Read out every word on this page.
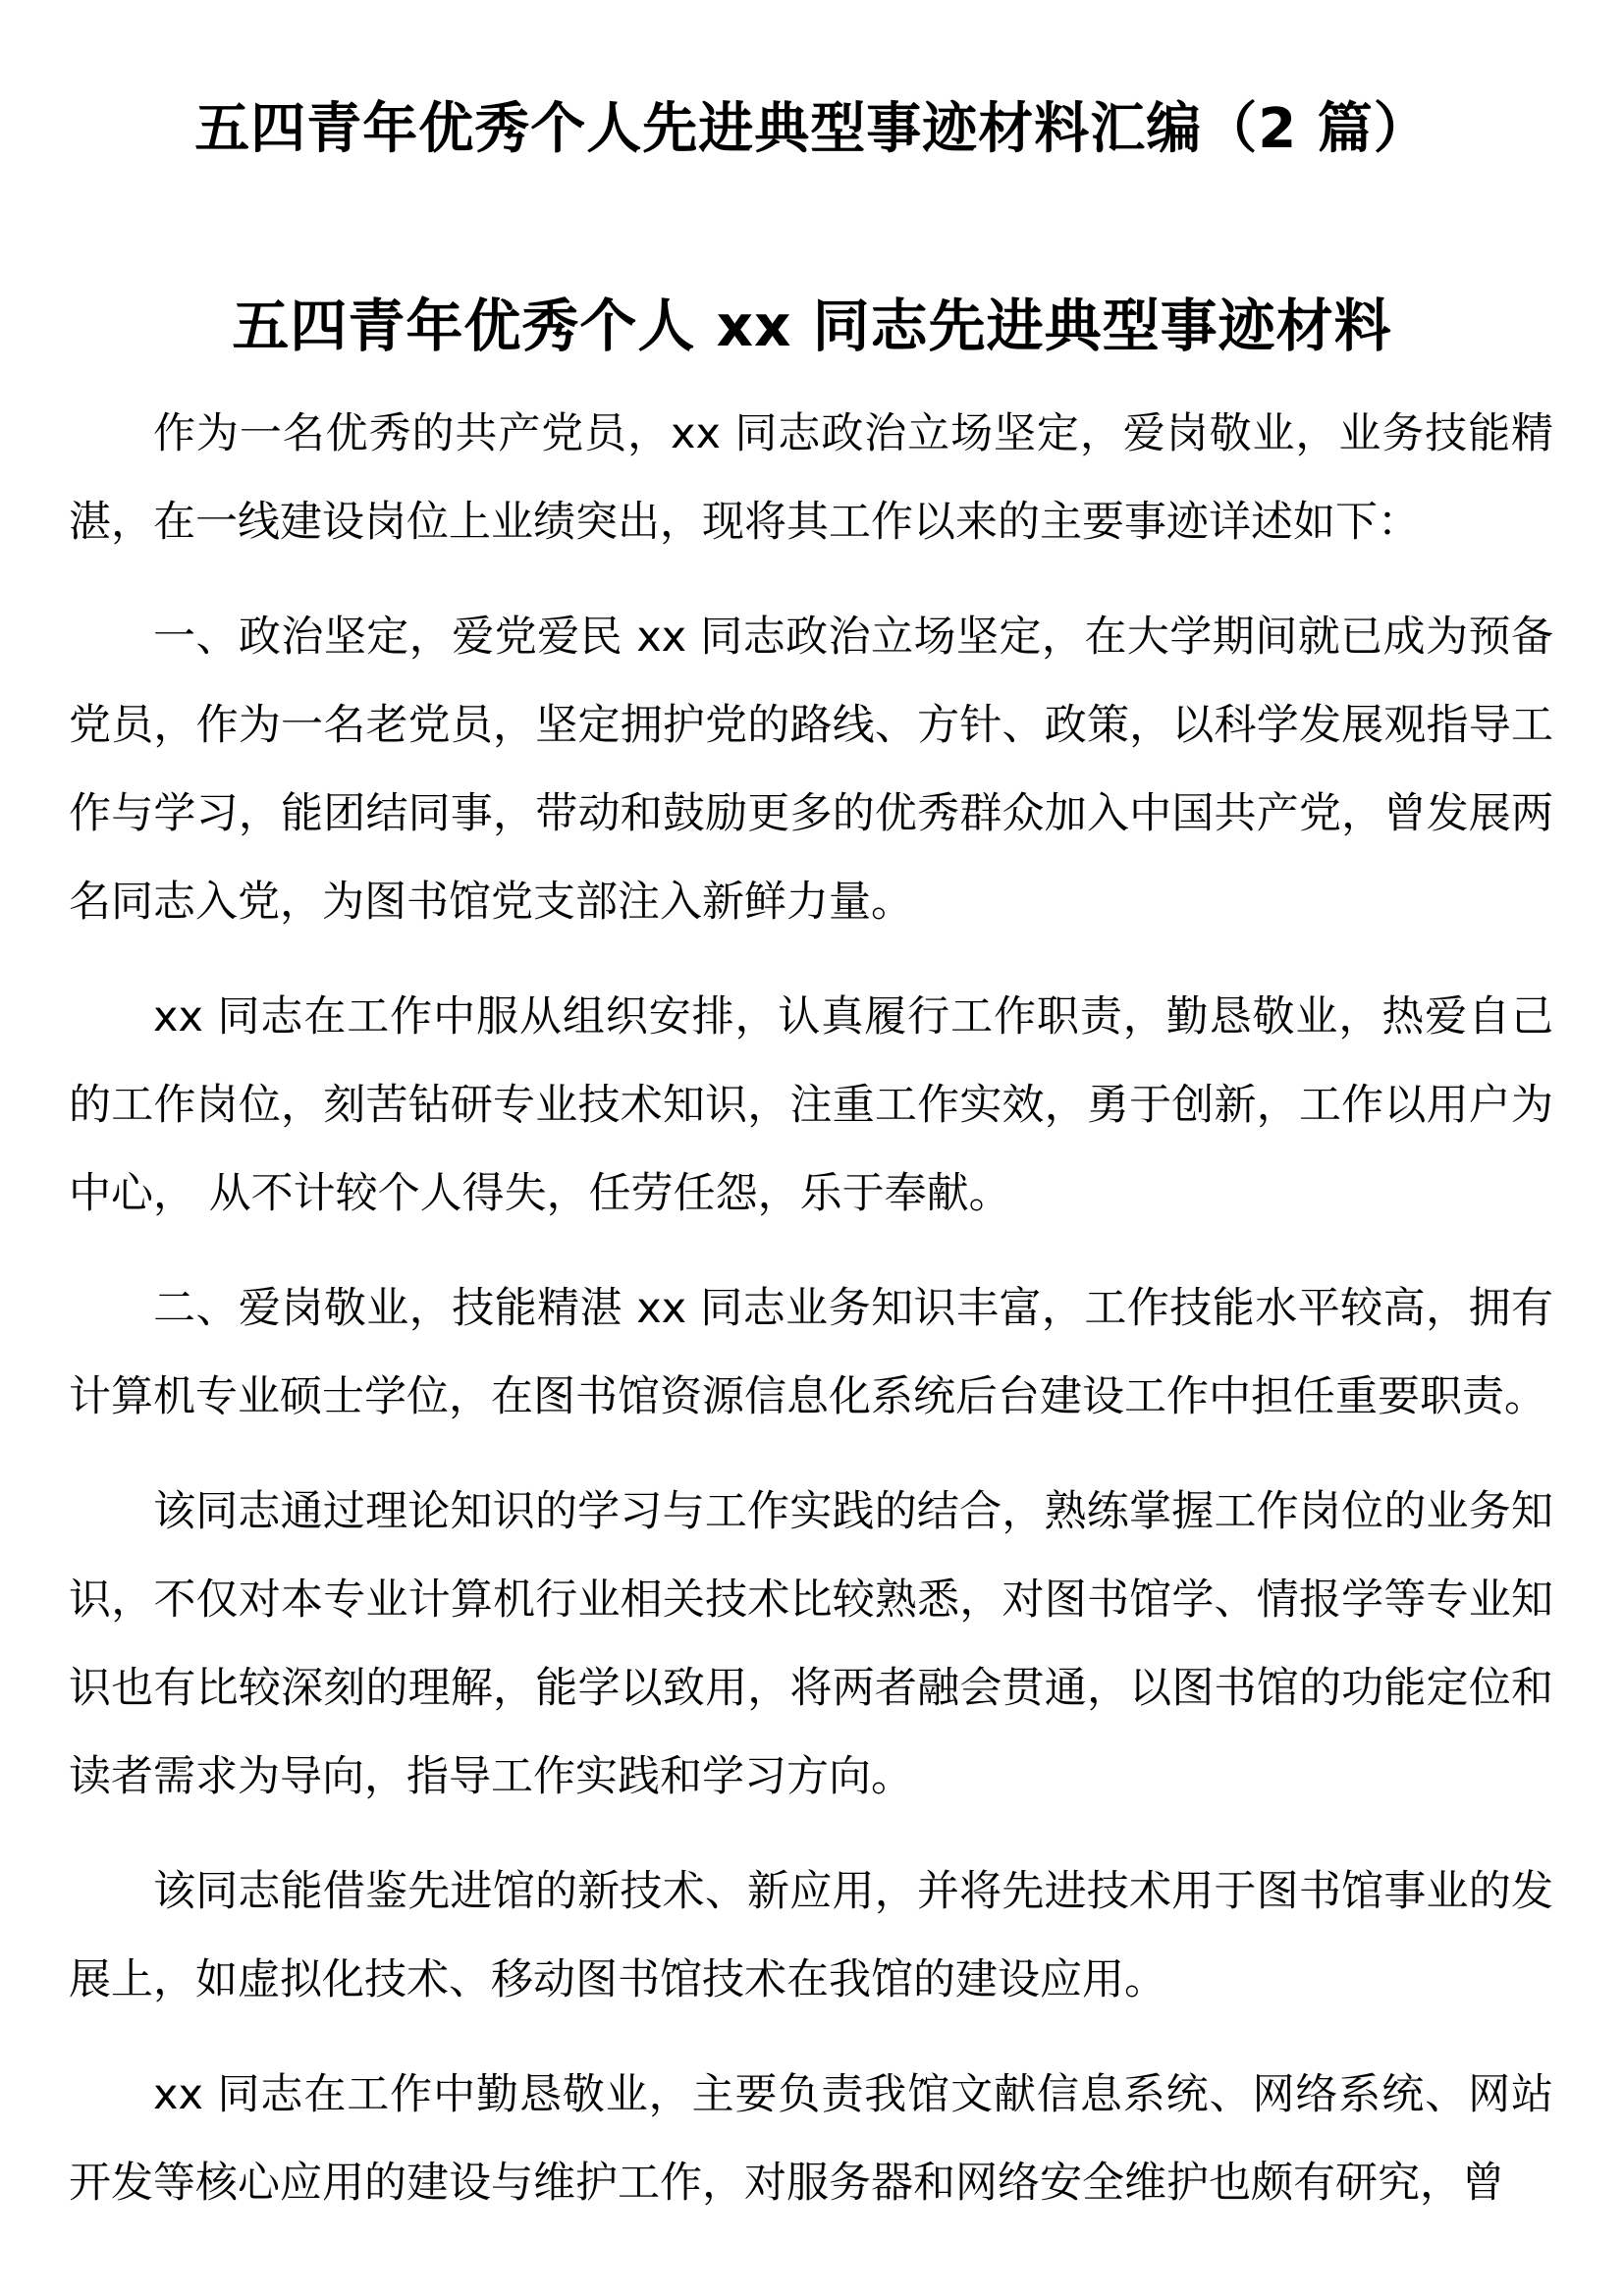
五四青年优秀个人先进典型事迹材料汇编（2 篇）
五四青年优秀个人 xx 同志先进典型事迹材料

作为一名优秀的共产党员，xx 同志政治立场坚定，爱岗敬业，业务技能精湛，在一线建设岗位上业绩突出，现将其工作以来的主要事迹详述如下：

一、政治坚定，爱党爱民 xx 同志政治立场坚定，在大学期间就已成为预备党员，作为一名老党员，坚定拥护党的路线、方针、政策，以科学发展观指导工作与学习，能团结同事，带动和鼓励更多的优秀群众加入中国共产党，曾发展两名同志入党，为图书馆党支部注入新鲜力量。

xx 同志在工作中服从组织安排，认真履行工作职责，勤恳敬业，热爱自己的工作岗位，刻苦钻研专业技术知识，注重工作实效，勇于创新，工作以用户为中心， 从不计较个人得失，任劳任怨，乐于奉献。

二、爱岗敬业，技能精湛 xx 同志业务知识丰富，工作技能水平较高，拥有计算机专业硕士学位，在图书馆资源信息化系统后台建设工作中担任重要职责。

该同志通过理论知识的学习与工作实践的结合，熟练掌握工作岗位的业务知识，不仅对本专业计算机行业相关技术比较熟悉，对图书馆学、情报学等专业知识也有比较深刻的理解，能学以致用，将两者融会贯通，以图书馆的功能定位和读者需求为导向，指导工作实践和学习方向。

该同志能借鉴先进馆的新技术、新应用，并将先进技术用于图书馆事业的发展上，如虚拟化技术、移动图书馆技术在我馆的建设应用。

xx 同志在工作中勤恳敬业，主要负责我馆文献信息系统、网络系统、网站开发等核心应用的建设与维护工作，对服务器和网络安全维护也颇有研究，曾
